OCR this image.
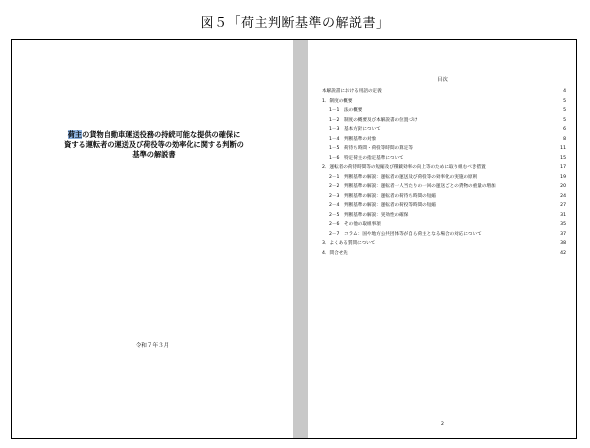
図５「荷主判断基準の解説書」
荷主の貨物自動車運送役務の持続可能な提供の確保に
資する運転者の運送及び荷役等の効率化に関する判断の
基準の解説書
令和７年３月
目次
本解説書における用語の定義	4
1．制度の概要	5
1－1 法の概要	5
1－2 制度の概要及び本解説書の位置づけ	5
1－3 基本方針について	6
1－4 判断基準の対象	8
1－5 荷待ち時間・荷役等時間の算定等	11
1－6 特定荷主の指定基準について	15
2．運転者の荷待時間等の短縮及び積載効率の向上等のために取り組むべき措置	17
2－1 判断基準の解説：運転者の運送及び荷役等の効率化の実施の原則	19
2－2 判断基準の解説：運転者一人当たりの一回の運送ごとの貨物の重量の増加	20
2－3 判断基準の解説：運転者の荷待ち時間の短縮	24
2－4 判断基準の解説：運転者の荷役等時間の短縮	27
2－5 判断基準の解説：実効性の確保	31
2－6 その他の取組事項	35
2－7 コラム：国や地方公共団体等が自ら荷主となる場合の対応について	37
3．よくある質問について	38
4．問合せ先	42
2
